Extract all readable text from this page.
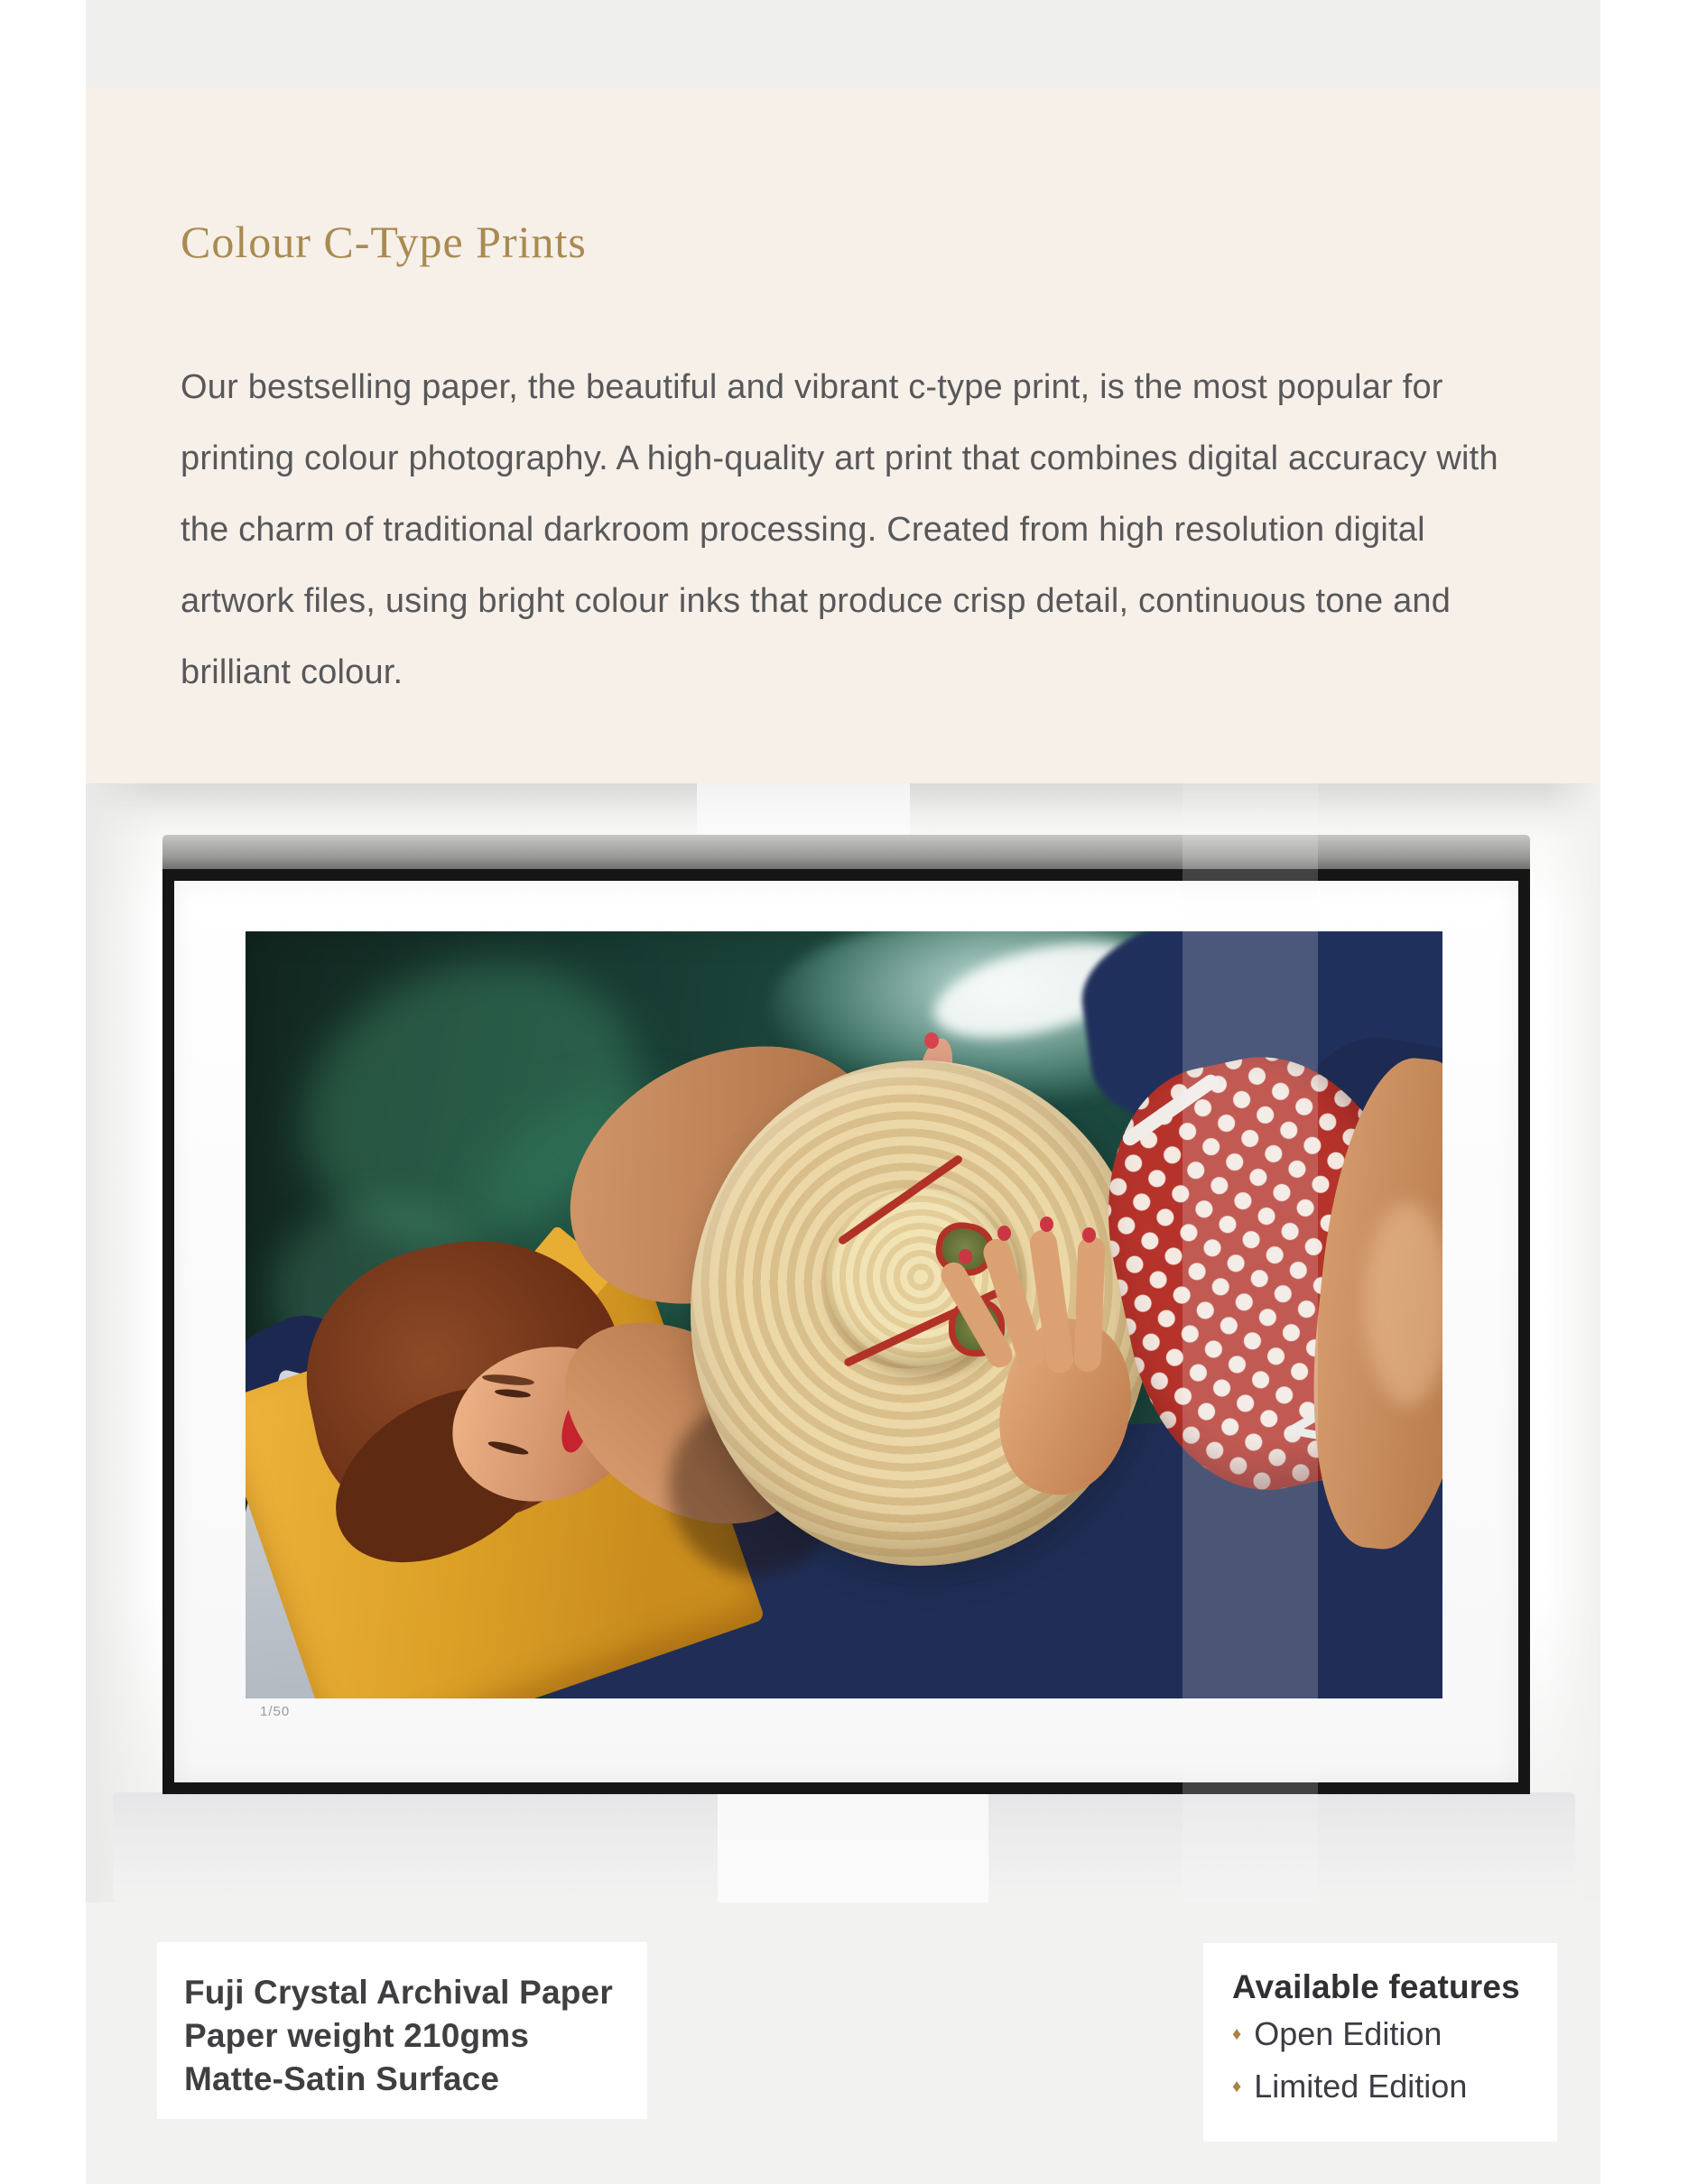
Colour C-Type Prints

Our bestselling paper, the beautiful and vibrant c-type print, is the most popular for printing colour photography. A high-quality art print that combines digital accuracy with the charm of traditional darkroom processing. Created from high resolution digital artwork files, using bright colour inks that produce crisp detail, continuous tone and brilliant colour.

1/50
Fuji Crystal Archival Paper
Paper weight 210gms
Matte-Satin Surface
Available features
♦ Open Edition
♦ Limited Edition
